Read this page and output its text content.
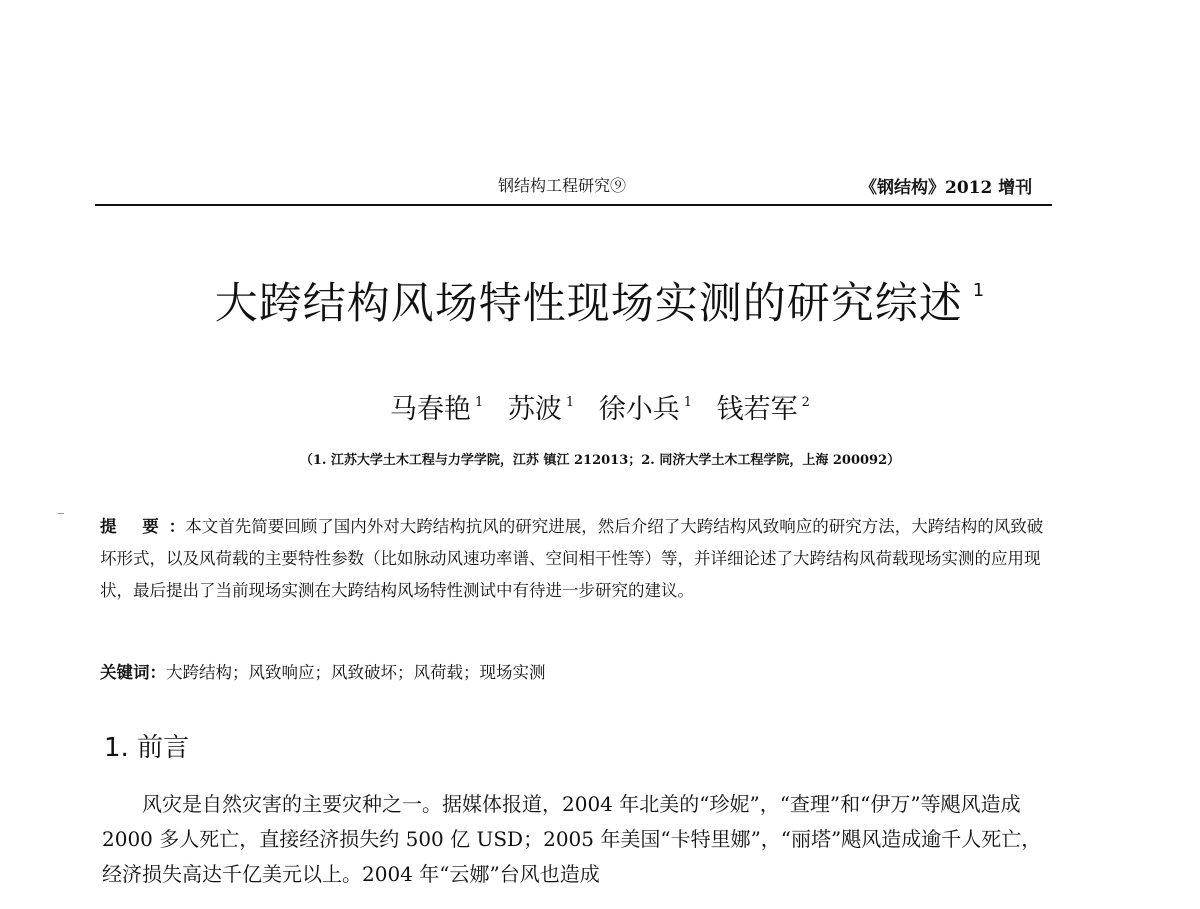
钢结构工程研究⑨	《钢结构》2012 增刊
大跨结构风场特性现场实测的研究综述 $^1$
马春艳 $^1$ 苏波 $^1$ 徐小兵 $^1$ 钱若军 $^2$
（1. 江苏大学土木工程与力学学院，江苏 镇江 212013；2. 同济大学土木工程学院，上海 200092）
提 要：本文首先简要回顾了国内外对大跨结构抗风的研究进展，然后介绍了大跨结构风致响应的研究方法，大跨结构的风致破坏形式，以及风荷载的主要特性参数（比如脉动风速功率谱、空间相干性等）等，并详细论述了大跨结构风荷载现场实测的应用现状，最后提出了当前现场实测在大跨结构风场特性测试中有待进一步研究的建议。
关键词：大跨结构；风致响应；风致破坏；风荷载；现场实测
1. 前言
风灾是自然灾害的主要灾种之一。据媒体报道，2004 年北美的“珍妮”，“查理”和“伊万”等飓风造成 2000 多人死亡，直接经济损失约 500 亿 USD；2005 年美国“卡特里娜”，“丽塔”飓风造成逾千人死亡，经济损失高达千亿美元以上。2004 年“云娜”台风也造成
